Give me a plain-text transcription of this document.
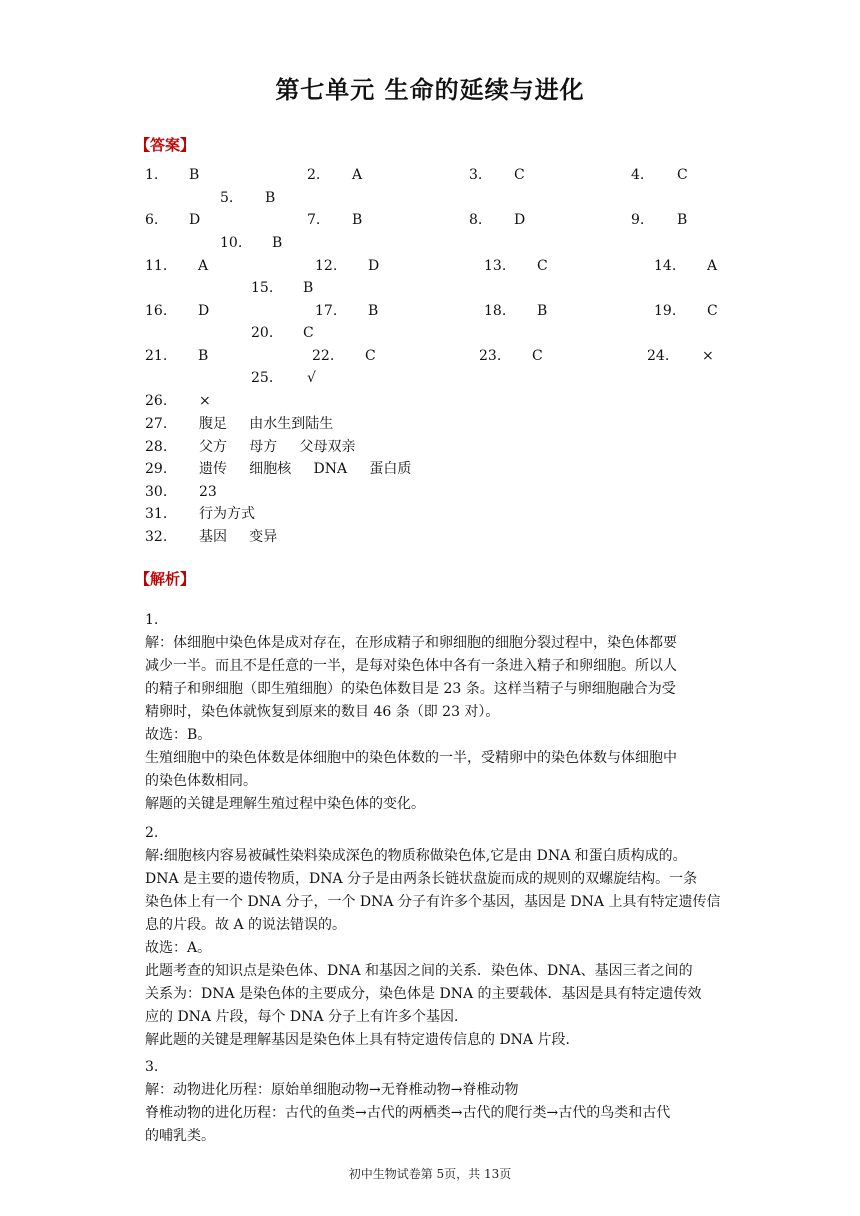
第七单元 生命的延续与进化
【答案】
1. B	2. A	3. C	4. C
5. B
6. D	7. B	8. D	9. B
10. B
11. A	12. D	13. C	14. A
15. B
16. D	17. B	18. B	19. C
20. C
21. B	22. C	23. C	24. ×
25. √
26. ×
27. 腹足     由水生到陆生
28. 父方     母方     父母双亲
29. 遗传     细胞核     DNA     蛋白质
30. 23
31. 行为方式
32. 基因     变异
【解析】
1.
解：体细胞中染色体是成对存在，在形成精子和卵细胞的细胞分裂过程中，染色体都要
减少一半。而且不是任意的一半，是每对染色体中各有一条进入精子和卵细胞。所以人
的精子和卵细胞（即生殖细胞）的染色体数目是 23 条。这样当精子与卵细胞融合为受
精卵时，染色体就恢复到原来的数目 46 条（即 23 对）。
故选：B。
生殖细胞中的染色体数是体细胞中的染色体数的一半，受精卵中的染色体数与体细胞中
的染色体数相同。
解题的关键是理解生殖过程中染色体的变化。
2.
解:细胞核内容易被碱性染料染成深色的物质称做染色体,它是由 DNA 和蛋白质构成的。
DNA 是主要的遗传物质，DNA 分子是由两条长链状盘旋而成的规则的双螺旋结构。一条
染色体上有一个 DNA 分子，一个 DNA 分子有许多个基因，基因是 DNA 上具有特定遗传信
息的片段。故 A 的说法错误的。
故选：A。
此题考查的知识点是染色体、DNA 和基因之间的关系．染色体、DNA、基因三者之间的
关系为：DNA 是染色体的主要成分，染色体是 DNA 的主要载体．基因是具有特定遗传效
应的 DNA 片段，每个 DNA 分子上有许多个基因．
解此题的关键是理解基因是染色体上具有特定遗传信息的 DNA 片段．
3.
解：动物进化历程：原始单细胞动物→无脊椎动物→脊椎动物
脊椎动物的进化历程：古代的鱼类→古代的两栖类→古代的爬行类→古代的鸟类和古代
的哺乳类。
初中生物试卷第 5页，共 13页
